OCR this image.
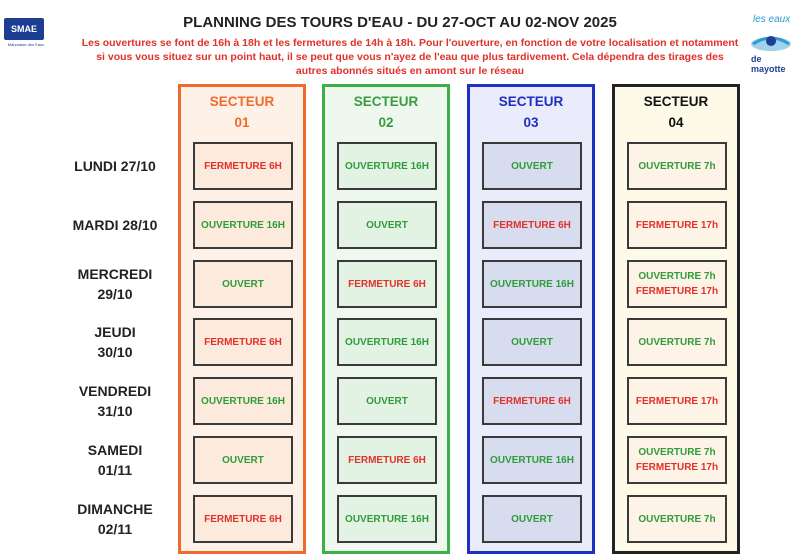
SMAE
Mahoraise des Eaux
les eaux
de mayotte
PLANNING DES TOURS D'EAU - DU 27-OCT AU 02-NOV 2025
Les ouvertures se font de 16h à 18h et les fermetures de 14h à 18h. Pour l'ouverture, en fonction de votre localisation et notamment si vous vous situez sur un point haut, il se peut que vous n'ayez de l'eau que plus tardivement. Cela dépendra des tirages des autres abonnés situés en amont sur le réseau
LUNDI 27/10
MARDI 28/10
MERCREDI
29/10
JEUDI
30/10
VENDREDI
31/10
SAMEDI
01/11
DIMANCHE
02/11
SECTEUR
01
FERMETURE 6H
OUVERTURE 16H
OUVERT
FERMETURE 6H
OUVERTURE 16H
OUVERT
FERMETURE 6H
SECTEUR
02
OUVERTURE 16H
OUVERT
FERMETURE 6H
OUVERTURE 16H
OUVERT
FERMETURE 6H
OUVERTURE 16H
SECTEUR
03
OUVERT
FERMETURE 6H
OUVERTURE 16H
OUVERT
FERMETURE 6H
OUVERTURE 16H
OUVERT
SECTEUR
04
OUVERTURE 7h
FERMETURE 17h
OUVERTURE 7h
FERMETURE 17h
OUVERTURE 7h
FERMETURE 17h
OUVERTURE 7h
FERMETURE 17h
OUVERTURE 7h
